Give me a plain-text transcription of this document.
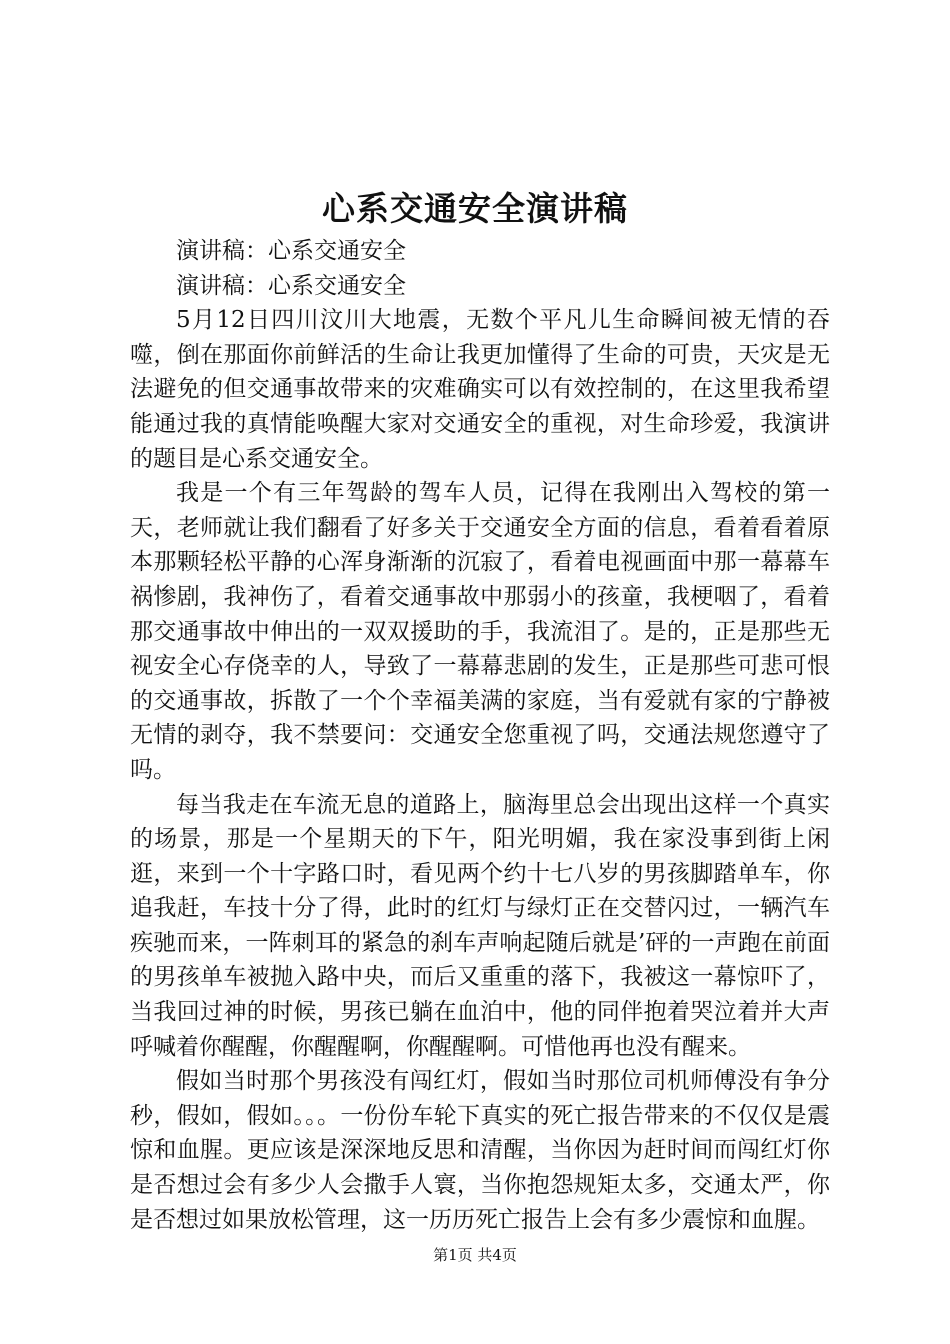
心系交通安全演讲稿

演讲稿：心系交通安全

演讲稿：心系交通安全

5月12日四川汶川大地震，无数个平凡儿生命瞬间被无情的吞噬，倒在那面你前鲜活的生命让我更加懂得了生命的可贵，天灾是无法避免的但交通事故带来的灾难确实可以有效控制的，在这里我希望能通过我的真情能唤醒大家对交通安全的重视，对生命珍爱，我演讲的题目是心系交通安全。

我是一个有三年驾龄的驾车人员，记得在我刚出入驾校的第一天，老师就让我们翻看了好多关于交通安全方面的信息，看着看着原本那颗轻松平静的心浑身渐渐的沉寂了，看着电视画面中那一幕幕车祸惨剧，我神伤了，看着交通事故中那弱小的孩童，我梗咽了，看着那交通事故中伸出的一双双援助的手，我流泪了。是的，正是那些无视安全心存侥幸的人，导致了一幕幕悲剧的发生，正是那些可悲可恨的交通事故，拆散了一个个幸福美满的家庭，当有爱就有家的宁静被无情的剥夺，我不禁要问：交通安全您重视了吗，交通法规您遵守了吗。

每当我走在车流无息的道路上，脑海里总会出现出这样一个真实的场景，那是一个星期天的下午，阳光明媚，我在家没事到街上闲逛，来到一个十字路口时，看见两个约十七八岁的男孩脚踏单车，你追我赶，车技十分了得，此时的红灯与绿灯正在交替闪过，一辆汽车疾驰而来，一阵刺耳的紧急的刹车声响起随后就是’砰的一声跑在前面的男孩单车被抛入路中央，而后又重重的落下，我被这一幕惊吓了，当我回过神的时候，男孩已躺在血泊中，他的同伴抱着哭泣着并大声呼喊着你醒醒，你醒醒啊，你醒醒啊。可惜他再也没有醒来。

假如当时那个男孩没有闯红灯，假如当时那位司机师傅没有争分秒，假如，假如。。。一份份车轮下真实的死亡报告带来的不仅仅是震惊和血腥。更应该是深深地反思和清醒，当你因为赶时间而闯红灯你是否想过会有多少人会撒手人寰，当你抱怨规矩太多，交通太严，你是否想过如果放松管理，这一历历死亡报告上会有多少震惊和血腥。

第1页 共4页
